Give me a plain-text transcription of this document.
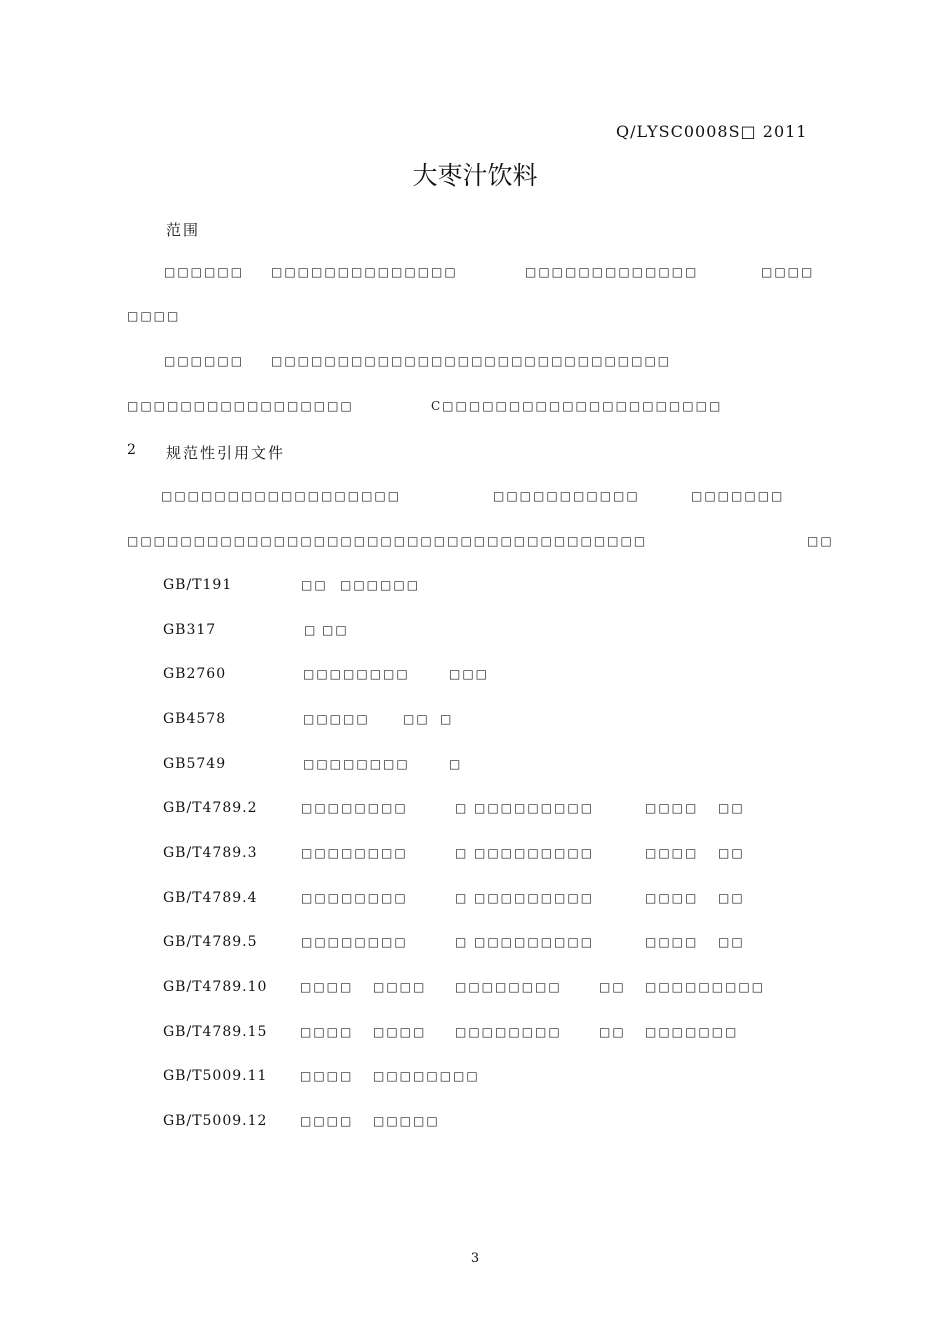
Q/LYSC0008S□ 2011
大枣汁饮料
范围
□□□□□□ □□□□□□□□□□□□□□	□□□□□□□□□□□□□	□□□□
□□□□
□□□□□□ □□□□□□□□□□□□□□□□□□□□□□□□□□□□□□
□□□□□□□□□□□□□□□□□	C□□□□□□□□□□□□□□□□□□□□□
2 规范性引用文件
□□□□□□□□□□□□□□□□□□	□□□□□□□□□□□	□□□□□□□
□□□□□□□□□□□□□□□□□□□□□□□□□□□□□□□□□□□□□□□	□□
GB/T191	□□ □□□□□□
GB317	□ □□
GB2760	□□□□□□□□	□□□
GB4578	□□□□□	□□ □
GB5749	□□□□□□□□	□
GB/T4789.2	□□□□□□□□	□ □□□□□□□□□	□□□□ □□
GB/T4789.3	□□□□□□□□	□ □□□□□□□□□	□□□□ □□
GB/T4789.4	□□□□□□□□	□ □□□□□□□□□	□□□□ □□
GB/T4789.5	□□□□□□□□	□ □□□□□□□□□	□□□□ □□
GB/T4789.10	□□□□ □□□□ □□□□□□□□	□□ □□□□□□□□□
GB/T4789.15	□□□□ □□□□ □□□□□□□□	□□ □□□□□□□
GB/T5009.11	□□□□ □□□□□□□□
GB/T5009.12	□□□□ □□□□□
3
